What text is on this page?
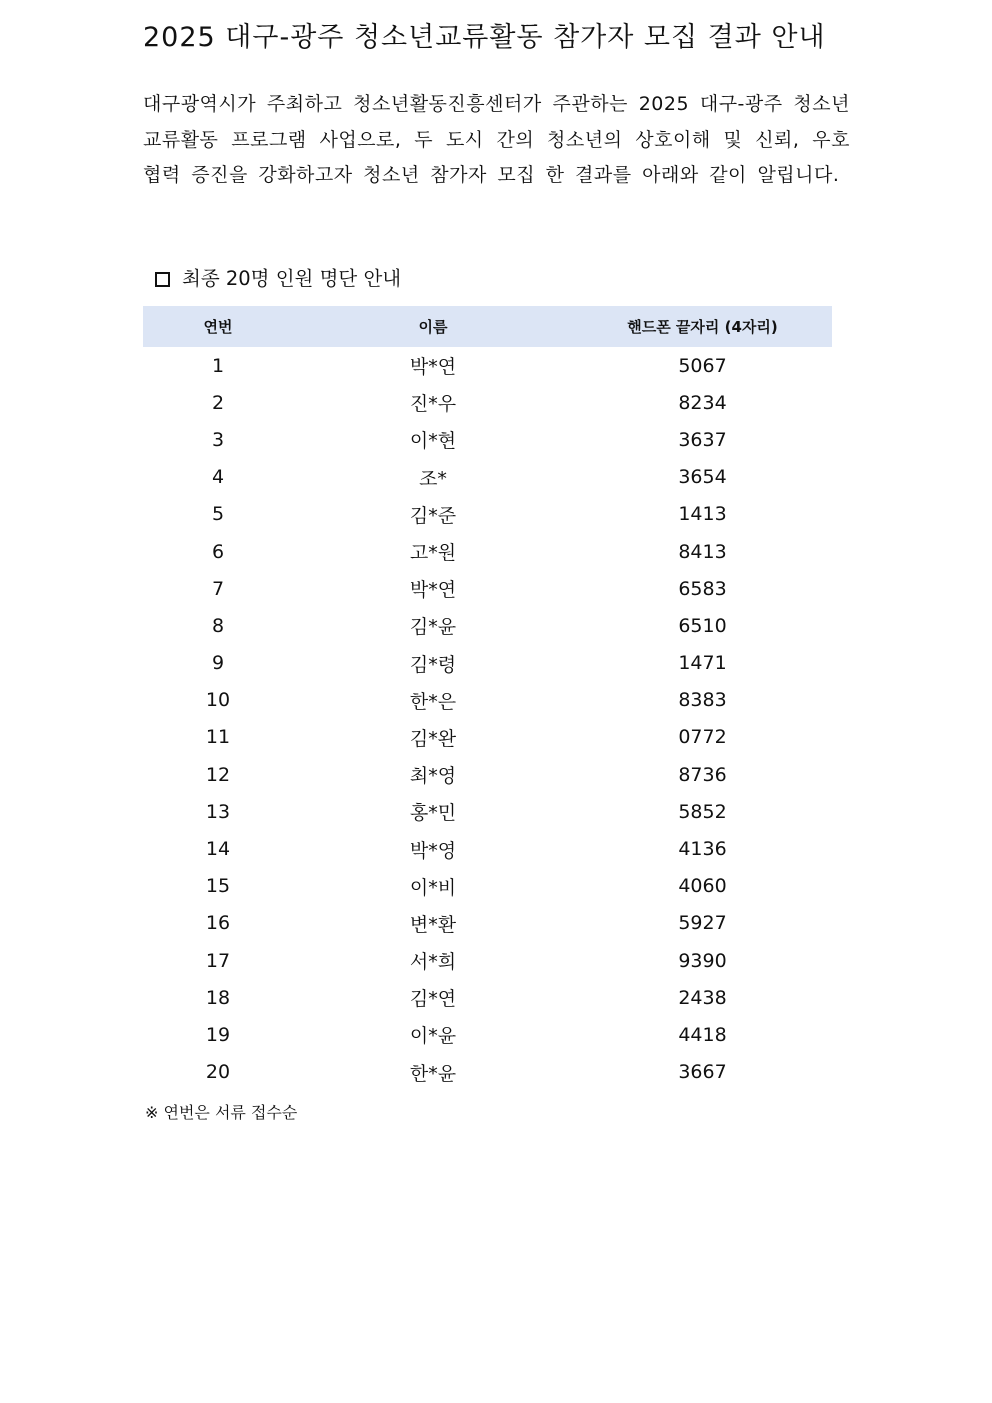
2025 대구-광주 청소년교류활동 참가자 모집 결과 안내

대구광역시가 주최하고 청소년활동진흥센터가 주관하는 2025 대구-광주 청소년교류활동 프로그램 사업으로, 두 도시 간의 청소년의 상호이해 및 신뢰, 우호 협력 증진을 강화하고자 청소년 참가자 모집 한 결과를 아래와 같이 알립니다.

최종 20명 인원 명단 안내
연번	이름	핸드폰 끝자리 (4자리)
1	박*연	5067
2	진*우	8234
3	이*현	3637
4	조*	3654
5	김*준	1413
6	고*원	8413
7	박*연	6583
8	김*윤	6510
9	김*령	1471
10	한*은	8383
11	김*완	0772
12	최*영	8736
13	홍*민	5852
14	박*영	4136
15	이*비	4060
16	변*환	5927
17	서*희	9390
18	김*연	2438
19	이*윤	4418
20	한*윤	3667
※ 연번은 서류 접수순
